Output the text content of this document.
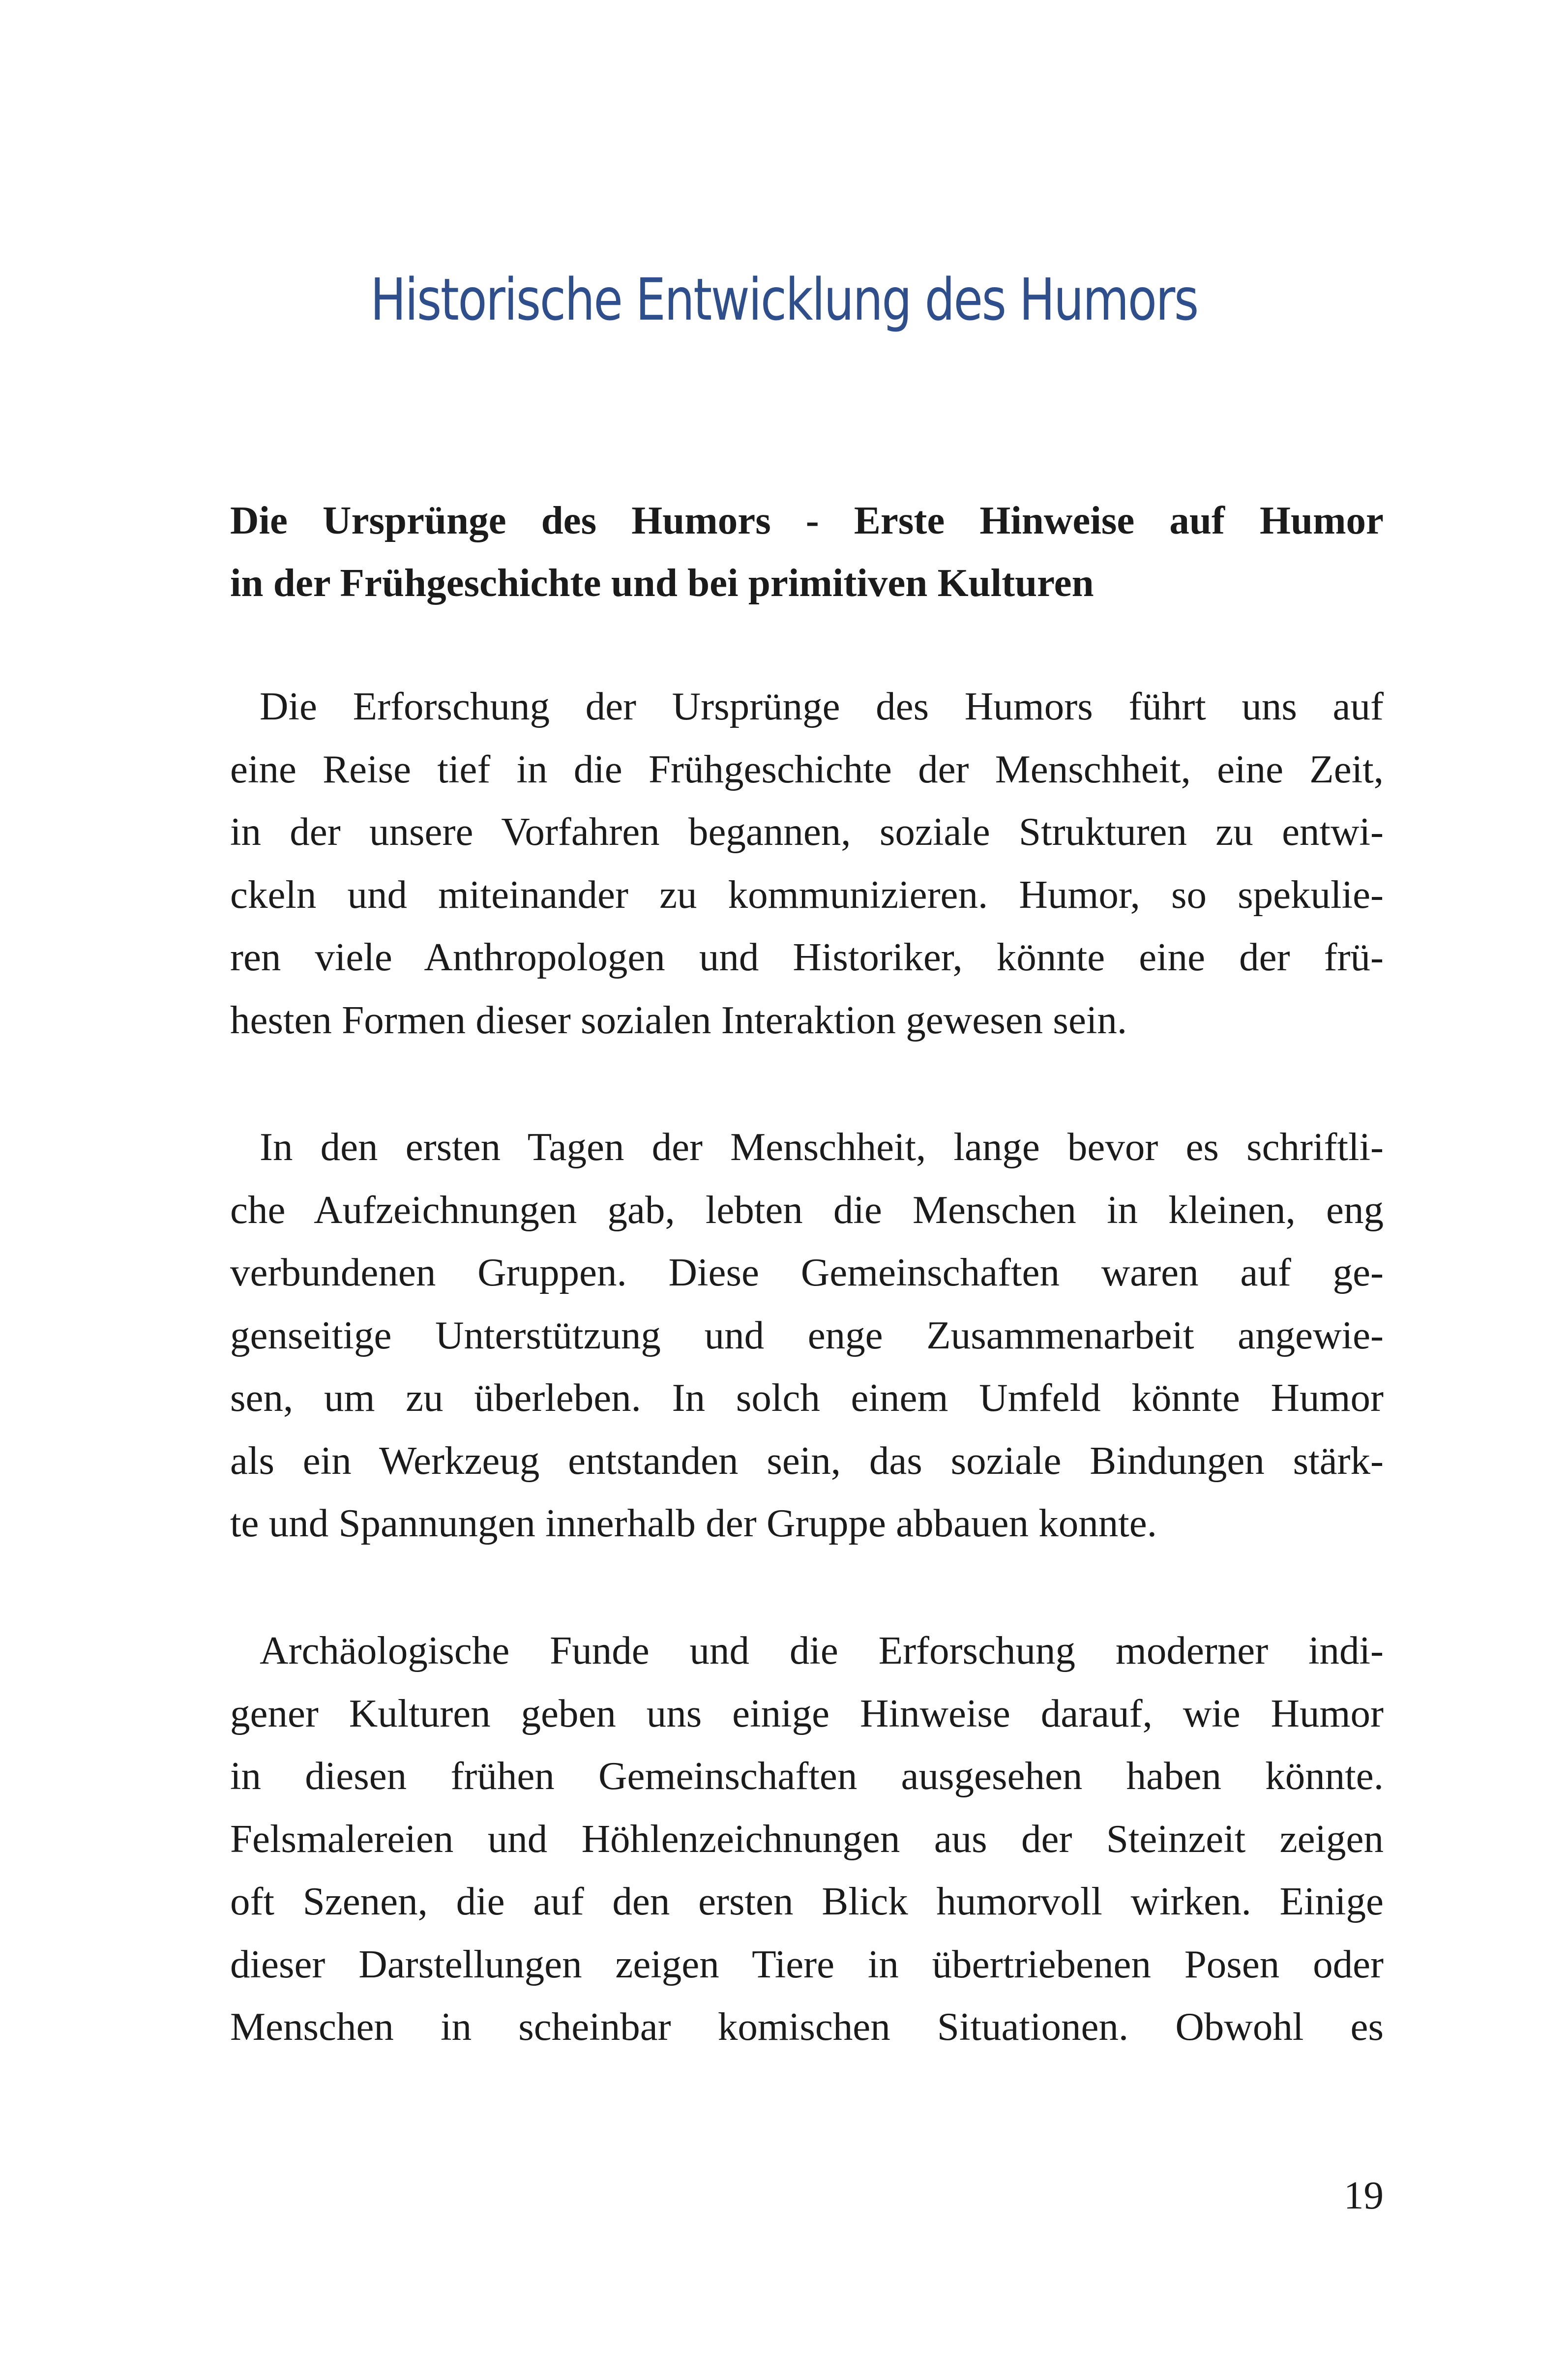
Historische Entwicklung des Humors
Die Ursprünge des Humors - Erste Hinweise auf Humor
in der Frühgeschichte und bei primitiven Kulturen
Die Erforschung der Ursprünge des Humors führt uns auf
eine Reise tief in die Frühgeschichte der Menschheit, eine Zeit,
in der unsere Vorfahren begannen, soziale Strukturen zu entwi-
ckeln und miteinander zu kommunizieren. Humor, so spekulie-
ren viele Anthropologen und Historiker, könnte eine der frü-
hesten Formen dieser sozialen Interaktion gewesen sein.
In den ersten Tagen der Menschheit, lange bevor es schriftli-
che Aufzeichnungen gab, lebten die Menschen in kleinen, eng
verbundenen Gruppen. Diese Gemeinschaften waren auf ge-
genseitige Unterstützung und enge Zusammenarbeit angewie-
sen, um zu überleben. In solch einem Umfeld könnte Humor
als ein Werkzeug entstanden sein, das soziale Bindungen stärk-
te und Spannungen innerhalb der Gruppe abbauen konnte.
Archäologische Funde und die Erforschung moderner indi-
gener Kulturen geben uns einige Hinweise darauf, wie Humor
in diesen frühen Gemeinschaften ausgesehen haben könnte.
Felsmalereien und Höhlenzeichnungen aus der Steinzeit zeigen
oft Szenen, die auf den ersten Blick humorvoll wirken. Einige
dieser Darstellungen zeigen Tiere in übertriebenen Posen oder
Menschen in scheinbar komischen Situationen. Obwohl es
19
